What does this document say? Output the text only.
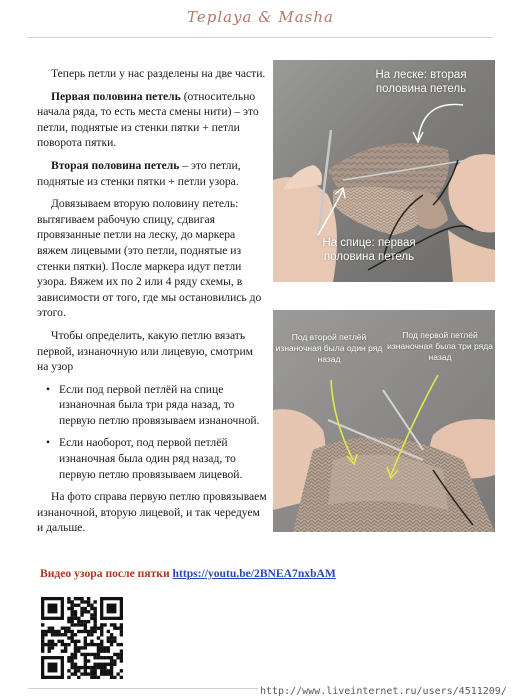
Teplaya & Masha

Теперь петли у нас разделены на две части.

Первая половина петель (относительно начала ряда, то есть места смены нити) – это петли, поднятые из стенки пятки + петли поворота пятки.

Вторая половина петель – это петли, поднятые из стенки пятки + петли узора.

Довязываем вторую половину петель: вытягиваем рабочую спицу, сдвигая провязанные петли на леску, до маркера вяжем лицевыми (это петли, поднятые из стенки пятки). После маркера идут петли узора. Вяжем их по 2 или 4 ряду схемы, в зависимости от того, где мы остановились до этого.

Чтобы определить, какую петлю вязать первой, изнаночную или лицевую, смотрим на узор

• Если под первой петлёй на спице изнаночная была три ряда назад, то первую петлю провязываем изнаночной.
• Если наоборот, под первой петлёй изнаночная была один ряд назад, то первую петлю провязываем лицевой.

На фото справа первую петлю провязываем изнаночной, вторую лицевой, и так чередуем и дальше.

На леске: вторая половина петель
На спице: первая половина петель
Под второй петлёй изнаночная была один ряд назад
Под первой петлёй изнаночная была три ряда назад
Видео узора после пятки https://youtu.be/2BNEA7nxbAM
http://www.liveinternet.ru/users/4511209/
